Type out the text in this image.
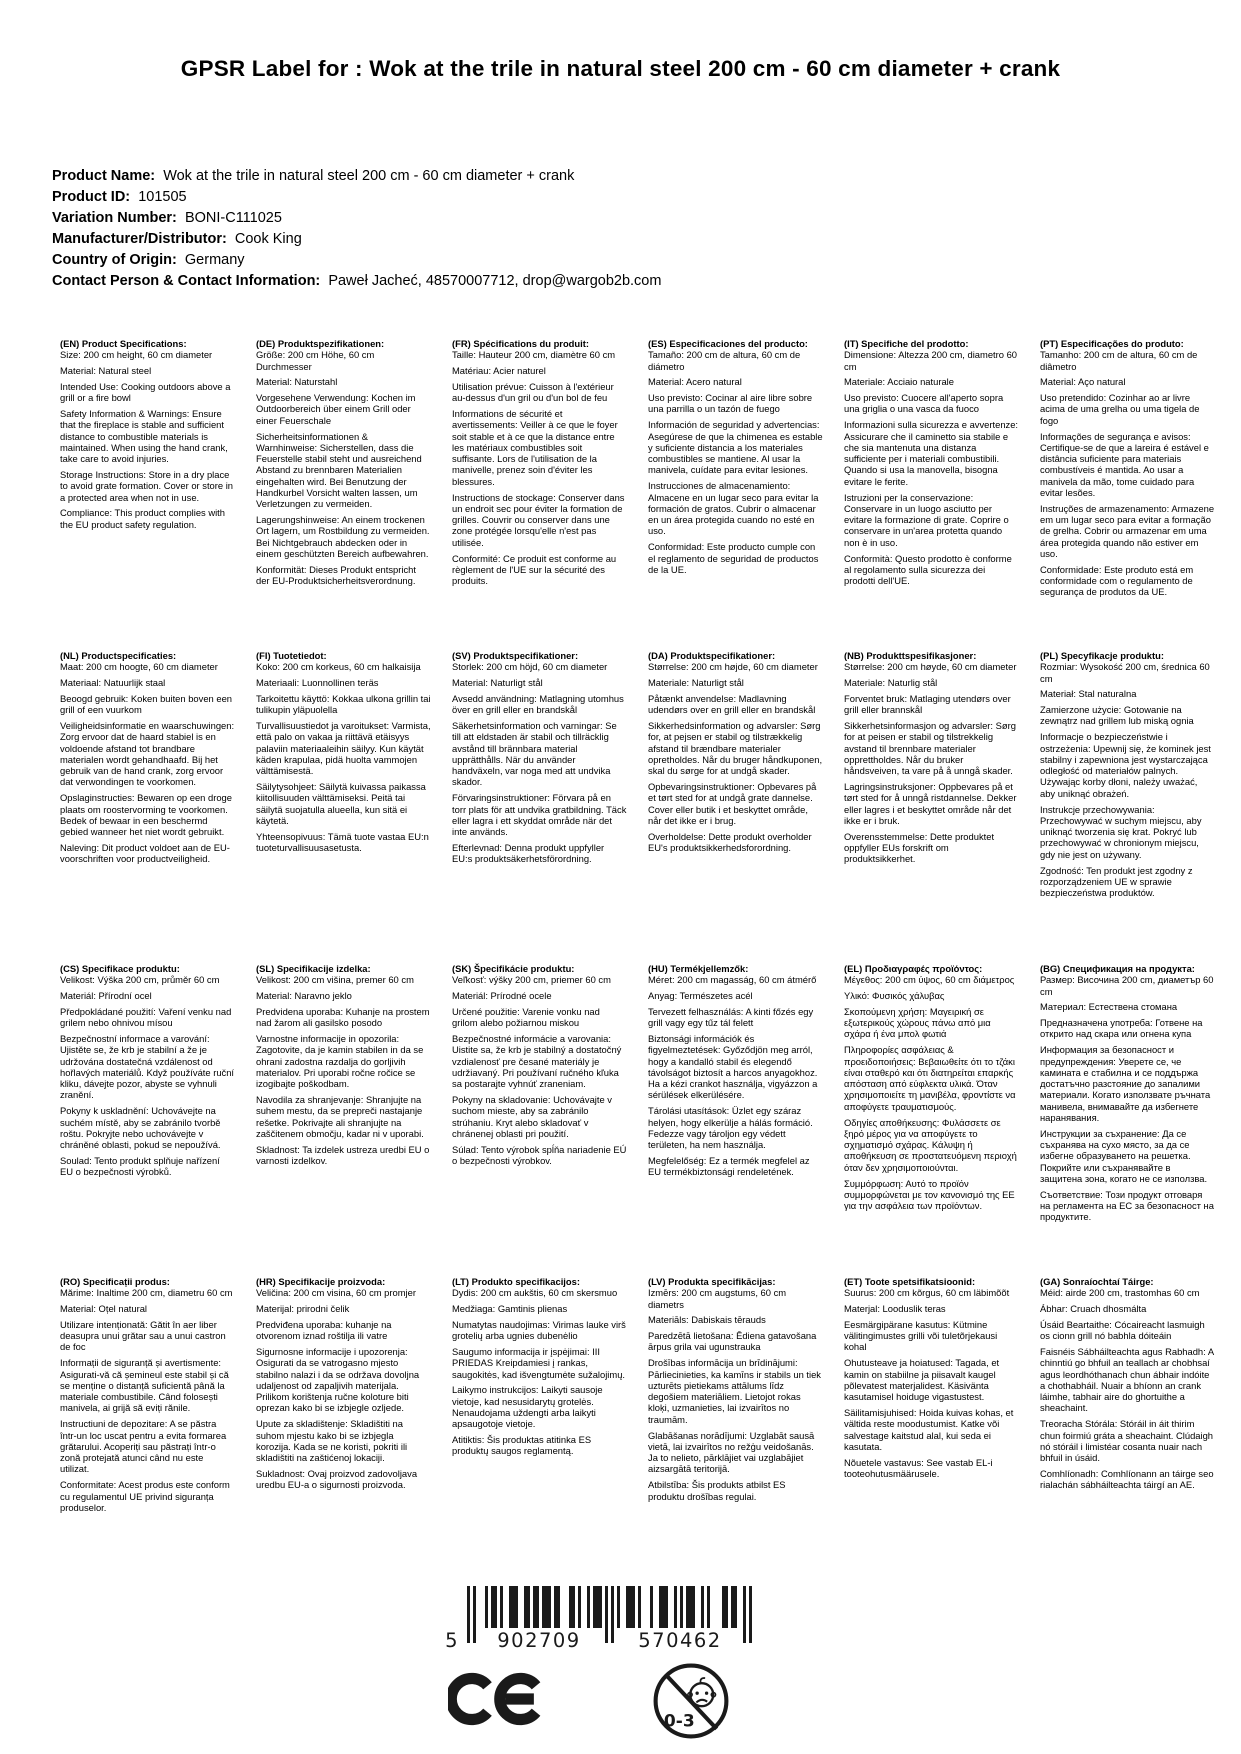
GPSR Label for : Wok at the trile in natural steel 200 cm - 60 cm diameter + crank
Product Name:  Wok at the trile in natural steel 200 cm - 60 cm diameter + crank
Product ID:  101505
Variation Number:  BONI-C111025
Manufacturer/Distributor:  Cook King
Country of Origin:  Germany
Contact Person & Contact Information:  Paweł Jacheć, 48570007712, drop@wargob2b.com
(EN) Product Specifications:

Size: 200 cm height, 60 cm diameter

Material: Natural steel

Intended Use: Cooking outdoors above a grill or a fire bowl

Safety Information & Warnings: Ensure that the fireplace is stable and sufficient distance to combustible materials is maintained. When using the hand crank, take care to avoid injuries.

Storage Instructions: Store in a dry place to avoid grate formation. Cover or store in a protected area when not in use.

Compliance: This product complies with the EU product safety regulation.

(DE) Produktspezifikationen:

Größe: 200 cm Höhe, 60 cm Durchmesser

Material: Naturstahl

Vorgesehene Verwendung: Kochen im Outdoorbereich über einem Grill oder einer Feuerschale

Sicherheitsinformationen & Warnhinweise: Sicherstellen, dass die Feuerstelle stabil steht und ausreichend Abstand zu brennbaren Materialien eingehalten wird. Bei Benutzung der Handkurbel Vorsicht walten lassen, um Verletzungen zu vermeiden.

Lagerungshinweise: An einem trockenen Ort lagern, um Rostbildung zu vermeiden. Bei Nichtgebrauch abdecken oder in einem geschützten Bereich aufbewahren.

Konformität: Dieses Produkt entspricht der EU-Produktsicherheitsverordnung.

(FR) Spécifications du produit:

Taille: Hauteur 200 cm, diamètre 60 cm

Matériau: Acier naturel

Utilisation prévue: Cuisson à l'extérieur au-dessus d'un gril ou d'un bol de feu

Informations de sécurité et avertissements: Veiller à ce que le foyer soit stable et à ce que la distance entre les matériaux combustibles soit suffisante. Lors de l'utilisation de la manivelle, prenez soin d'éviter les blessures.

Instructions de stockage: Conserver dans un endroit sec pour éviter la formation de grilles. Couvrir ou conserver dans une zone protégée lorsqu'elle n'est pas utilisée.

Conformité: Ce produit est conforme au règlement de l'UE sur la sécurité des produits.

(ES) Especificaciones del producto:

Tamaño: 200 cm de altura, 60 cm de diámetro

Material: Acero natural

Uso previsto: Cocinar al aire libre sobre una parrilla o un tazón de fuego

Información de seguridad y advertencias: Asegúrese de que la chimenea es estable y suficiente distancia a los materiales combustibles se mantiene. Al usar la manivela, cuídate para evitar lesiones.

Instrucciones de almacenamiento: Almacene en un lugar seco para evitar la formación de gratos. Cubrir o almacenar en un área protegida cuando no esté en uso.

Conformidad: Este producto cumple con el reglamento de seguridad de productos de la UE.

(IT) Specifiche del prodotto:

Dimensione: Altezza 200 cm, diametro 60 cm

Materiale: Acciaio naturale

Uso previsto: Cuocere all'aperto sopra una griglia o una vasca da fuoco

Informazioni sulla sicurezza e avvertenze: Assicurare che il caminetto sia stabile e che sia mantenuta una distanza sufficiente per i materiali combustibili. Quando si usa la manovella, bisogna evitare le ferite.

Istruzioni per la conservazione: Conservare in un luogo asciutto per evitare la formazione di grate. Coprire o conservare in un'area protetta quando non è in uso.

Conformità: Questo prodotto è conforme al regolamento sulla sicurezza dei prodotti dell'UE.

(PT) Especificações do produto:

Tamanho: 200 cm de altura, 60 cm de diâmetro

Material: Aço natural

Uso pretendido: Cozinhar ao ar livre acima de uma grelha ou uma tigela de fogo

Informações de segurança e avisos: Certifique-se de que a lareira é estável e distância suficiente para materiais combustíveis é mantida. Ao usar a manivela da mão, tome cuidado para evitar lesões.

Instruções de armazenamento: Armazene em um lugar seco para evitar a formação de grelha. Cobrir ou armazenar em uma área protegida quando não estiver em uso.

Conformidade: Este produto está em conformidade com o regulamento de segurança de produtos da UE.

(NL) Productspecificaties:

Maat: 200 cm hoogte, 60 cm diameter

Materiaal: Natuurlijk staal

Beoogd gebruik: Koken buiten boven een grill of een vuurkom

Veiligheidsinformatie en waarschuwingen: Zorg ervoor dat de haard stabiel is en voldoende afstand tot brandbare materialen wordt gehandhaafd. Bij het gebruik van de hand crank, zorg ervoor dat verwondingen te voorkomen.

Opslaginstructies: Bewaren op een droge plaats om roostervorming te voorkomen. Bedek of bewaar in een beschermd gebied wanneer het niet wordt gebruikt.

Naleving: Dit product voldoet aan de EU-voorschriften voor productveiligheid.

(FI) Tuotetiedot:

Koko: 200 cm korkeus, 60 cm halkaisija

Materiaali: Luonnollinen teräs

Tarkoitettu käyttö: Kokkaa ulkona grillin tai tulikupin yläpuolella

Turvallisuustiedot ja varoitukset: Varmista, että palo on vakaa ja riittävä etäisyys palaviin materiaaleihin säilyy. Kun käytät käden krapulaa, pidä huolta vammojen välttämisestä.

Säilytysohjeet: Säilytä kuivassa paikassa kiitollisuuden välttämiseksi. Peitä tai säilytä suojatulla alueella, kun sitä ei käytetä.

Yhteensopivuus: Tämä tuote vastaa EU:n tuoteturvallisuusasetusta.

(SV) Produktspecifikationer:

Storlek: 200 cm höjd, 60 cm diameter

Material: Naturligt stål

Avsedd användning: Matlagning utomhus över en grill eller en brandskål

Säkerhetsinformation och varningar: Se till att eldstaden är stabil och tillräcklig avstånd till brännbara material upprätthålls. När du använder handväxeln, var noga med att undvika skador.

Förvaringsinstruktioner: Förvara på en torr plats för att undvika gratbildning. Täck eller lagra i ett skyddat område när det inte används.

Efterlevnad: Denna produkt uppfyller EU:s produktsäkerhetsförordning.

(DA) Produktspecifikationer:

Størrelse: 200 cm højde, 60 cm diameter

Materiale: Naturligt stål

Påtænkt anvendelse: Madlavning udendørs over en grill eller en brandskål

Sikkerhedsinformation og advarsler: Sørg for, at pejsen er stabil og tilstrækkelig afstand til brændbare materialer opretholdes. Når du bruger håndkuponen, skal du sørge for at undgå skader.

Opbevaringsinstruktioner: Opbevares på et tørt sted for at undgå grate dannelse. Cover eller butik i et beskyttet område, når det ikke er i brug.

Overholdelse: Dette produkt overholder EU's produktsikkerhedsforordning.

(NB) Produkttspesifikasjoner:

Størrelse: 200 cm høyde, 60 cm diameter

Materiale: Naturlig stål

Forventet bruk: Matlaging utendørs over grill eller brannskål

Sikkerhetsinformasjon og advarsler: Sørg for at peisen er stabil og tilstrekkelig avstand til brennbare materialer opprettholdes. Når du bruker håndsveiven, ta vare på å unngå skader.

Lagringsinstruksjoner: Oppbevares på et tørt sted for å unngå ristdannelse. Dekker eller lagres i et beskyttet område når det ikke er i bruk.

Overensstemmelse: Dette produktet oppfyller EUs forskrift om produktsikkerhet.

(PL) Specyfikacje produktu:

Rozmiar: Wysokość 200 cm, średnica 60 cm

Materiał: Stal naturalna

Zamierzone użycie: Gotowanie na zewnątrz nad grillem lub miską ognia

Informacje o bezpieczeństwie i ostrzeżenia: Upewnij się, że kominek jest stabilny i zapewniona jest wystarczająca odległość od materiałów palnych. Używając korby dłoni, należy uważać, aby uniknąć obrażeń.

Instrukcje przechowywania: Przechowywać w suchym miejscu, aby uniknąć tworzenia się krat. Pokryć lub przechowywać w chronionym miejscu, gdy nie jest on używany.

Zgodność: Ten produkt jest zgodny z rozporządzeniem UE w sprawie bezpieczeństwa produktów.

(CS) Specifikace produktu:

Velikost: Výška 200 cm, průměr 60 cm

Materiál: Přírodní ocel

Předpokládané použití: Vaření venku nad grilem nebo ohnivou mísou

Bezpečnostní informace a varování: Ujistěte se, že krb je stabilní a že je udržována dostatečná vzdálenost od hořlavých materiálů. Když používáte ruční kliku, dávejte pozor, abyste se vyhnuli zranění.

Pokyny k uskladnění: Uchovávejte na suchém místě, aby se zabránilo tvorbě roštu. Pokryjte nebo uchovávejte v chráněné oblasti, pokud se nepoužívá.

Soulad: Tento produkt splňuje nařízení EU o bezpečnosti výrobků.

(SL) Specifikacije izdelka:

Velikost: 200 cm višina, premer 60 cm

Material: Naravno jeklo

Predvidena uporaba: Kuhanje na prostem nad žarom ali gasilsko posodo

Varnostne informacije in opozorila: Zagotovite, da je kamin stabilen in da se ohrani zadostna razdalja do gorljivih materialov. Pri uporabi ročne ročice se izogibajte poškodbam.

Navodila za shranjevanje: Shranjujte na suhem mestu, da se prepreči nastajanje rešetke. Pokrivajte ali shranjujte na zaščitenem območju, kadar ni v uporabi.

Skladnost: Ta izdelek ustreza uredbi EU o varnosti izdelkov.

(SK) Špecifikácie produktu:

Veľkosť: výšky 200 cm, priemer 60 cm

Materiál: Prírodné ocele

Určené použitie: Varenie vonku nad grilom alebo požiarnou miskou

Bezpečnostné informácie a varovania: Uistite sa, že krb je stabilný a dostatočný vzdialenosť pre česané materiály je udržiavaný. Pri používaní ručného kľuka sa postarajte vyhnúť zraneniam.

Pokyny na skladovanie: Uchovávajte v suchom mieste, aby sa zabránilo strúhaniu. Kryt alebo skladovať v chránenej oblasti pri použití.

Súlad: Tento výrobok spĺňa nariadenie EÚ o bezpečnosti výrobkov.

(HU) Termékjellemzők:

Méret: 200 cm magasság, 60 cm átmérő

Anyag: Természetes acél

Tervezett felhasználás: A kinti főzés egy grill vagy egy tűz tál felett

Biztonsági információk és figyelmeztetések: Győződjön meg arról, hogy a kandalló stabil és elegendő távolságot biztosít a harcos anyagokhoz. Ha a kézi crankot használja, vigyázzon a sérülések elkerülésére.

Tárolási utasítások: Üzlet egy száraz helyen, hogy elkerülje a hálás formáció. Fedezze vagy tároljon egy védett területen, ha nem használja.

Megfelelőség: Ez a termék megfelel az EU termékbiztonsági rendeletének.

(EL) Προδιαγραφές προϊόντος:

Μέγεθος: 200 cm ύψος, 60 cm διάμετρος

Υλικό: Φυσικός χάλυβας

Σκοπούμενη χρήση: Μαγειρική σε εξωτερικούς χώρους πάνω από μια σχάρα ή ένα μπολ φωτιά

Πληροφορίες ασφάλειας & προειδοποιήσεις: Βεβαιωθείτε ότι το τζάκι είναι σταθερό και ότι διατηρείται επαρκής απόσταση από εύφλεκτα υλικά. Όταν χρησιμοποιείτε τη μανιβέλα, φροντίστε να αποφύγετε τραυματισμούς.

Οδηγίες αποθήκευσης: Φυλάσσετε σε ξηρό μέρος για να αποφύγετε το σχηματισμό σχάρας. Κάλυψη ή αποθήκευση σε προστατευόμενη περιοχή όταν δεν χρησιμοποιούνται.

Συμμόρφωση: Αυτό το προϊόν συμμορφώνεται με τον κανονισμό της ΕΕ για την ασφάλεια των προϊόντων.

(BG) Спецификация на продукта:

Размер: Височина 200 cm, диаметър 60 cm

Материал: Естествена стомана

Предназначена употреба: Готвене на открито над скара или огнена купа

Информация за безопасност и предупреждения: Уверете се, че камината е стабилна и се поддържа достатъчно разстояние до запалими материали. Когато използвате ръчната манивела, внимавайте да избегнете наранявания.

Инструкции за съхранение: Да се съхранява на сухо място, за да се избегне образуването на решетка. Покрийте или съхранявайте в защитена зона, когато не се използва.

Съответствие: Този продукт отговаря на регламента на ЕС за безопасност на продуктите.

(RO) Specificații produs:

Mărime: Inaltime 200 cm, diametru 60 cm

Material: Oțel natural

Utilizare intenționată: Gătit în aer liber deasupra unui grătar sau a unui castron de foc

Informații de siguranță și avertismente: Asigurati-vă că șemineul este stabil și că se menține o distanță suficientă până la materiale combustibile. Când folosești manivela, ai grijă să eviți rănile.

Instructiuni de depozitare: A se păstra într-un loc uscat pentru a evita formarea grătarului. Acoperiți sau păstrați într-o zonă protejată atunci când nu este utilizat.

Conformitate: Acest produs este conform cu regulamentul UE privind siguranța produselor.

(HR) Specifikacije proizvoda:

Veličina: 200 cm visina, 60 cm promjer

Materijal: prirodni čelik

Predviđena uporaba: kuhanje na otvorenom iznad roštilja ili vatre

Sigurnosne informacije i upozorenja: Osigurati da se vatrogasno mjesto stabilno nalazi i da se održava dovoljna udaljenost od zapaljivih materijala. Prilikom korištenja ručne koloture biti oprezan kako bi se izbjegle ozljede.

Upute za skladištenje: Skladištiti na suhom mjestu kako bi se izbjegla korozija. Kada se ne koristi, pokriti ili skladištiti na zaštićenoj lokaciji.

Sukladnost: Ovaj proizvod zadovoljava uredbu EU-a o sigurnosti proizvoda.

(LT) Produkto specifikacijos:

Dydis: 200 cm aukštis, 60 cm skersmuo

Medžiaga: Gamtinis plienas

Numatytas naudojimas: Virimas lauke virš grotelių arba ugnies dubenėlio

Saugumo informacija ir įspėjimai: III PRIEDAS Kreipdamiesi į rankas, saugokitės, kad išvengtumėte sužalojimų.

Laikymo instrukcijos: Laikyti sausoje vietoje, kad nesusidarytų grotelės. Nenaudojama uždengti arba laikyti apsaugotoje vietoje.

Atitiktis: Šis produktas atitinka ES produktų saugos reglamentą.

(LV) Produkta specifikācijas:

Izmērs: 200 cm augstums, 60 cm diametrs

Materiāls: Dabiskais tērauds

Paredzētā lietošana: Ēdiena gatavošana ārpus grila vai ugunstrauka

Drošības informācija un brīdinājumi: Pārliecinieties, ka kamīns ir stabils un tiek uzturēts pietiekams attālums līdz degošiem materiāliem. Lietojot rokas kloķi, uzmanieties, lai izvairītos no traumām.

Glabāšanas norādījumi: Uzglabāt sausā vietā, lai izvairītos no režģu veidošanās. Ja to nelieto, pārklājiet vai uzglabājiet aizsargātā teritorijā.

Atbilstība: Šis produkts atbilst ES produktu drošības regulai.

(ET) Toote spetsifikatsioonid:

Suurus: 200 cm kõrgus, 60 cm läbimõõt

Materjal: Looduslik teras

Eesmärgipärane kasutus: Kütmine välitingimustes grilli või tuletõrjekausi kohal

Ohutusteave ja hoiatused: Tagada, et kamin on stabiilne ja piisavalt kaugel põlevatest materjalidest. Käsivänta kasutamisel hoiduge vigastustest.

Säilitamisjuhised: Hoida kuivas kohas, et vältida reste moodustumist. Katke või salvestage kaitstud alal, kui seda ei kasutata.

Nõuetele vastavus: See vastab EL-i tooteohutusmäärusele.

(GA) Sonraíochtaí Táirge:

Méid: airde 200 cm, trastomhas 60 cm

Ábhar: Cruach dhosmálta

Úsáid Beartaithe: Cócaireacht lasmuigh os cionn grill nó babhla dóiteáin

Faisnéis Sábháilteachta agus Rabhadh: A chinntiú go bhfuil an teallach ar chobhsaí agus leordhóthanach chun ábhair indóite a chothabháil. Nuair a bhíonn an crank láimhe, tabhair aire do ghortuithe a sheachaint.

Treoracha Stórála: Stóráil in áit thirim chun foirmiú gráta a sheachaint. Clúdaigh nó stóráil i limistéar cosanta nuair nach bhfuil in úsáid.

Comhlíonadh: Comhlíonann an táirge seo rialachán sábháilteachta táirgí an AE.

5 902709	570462
0-3
